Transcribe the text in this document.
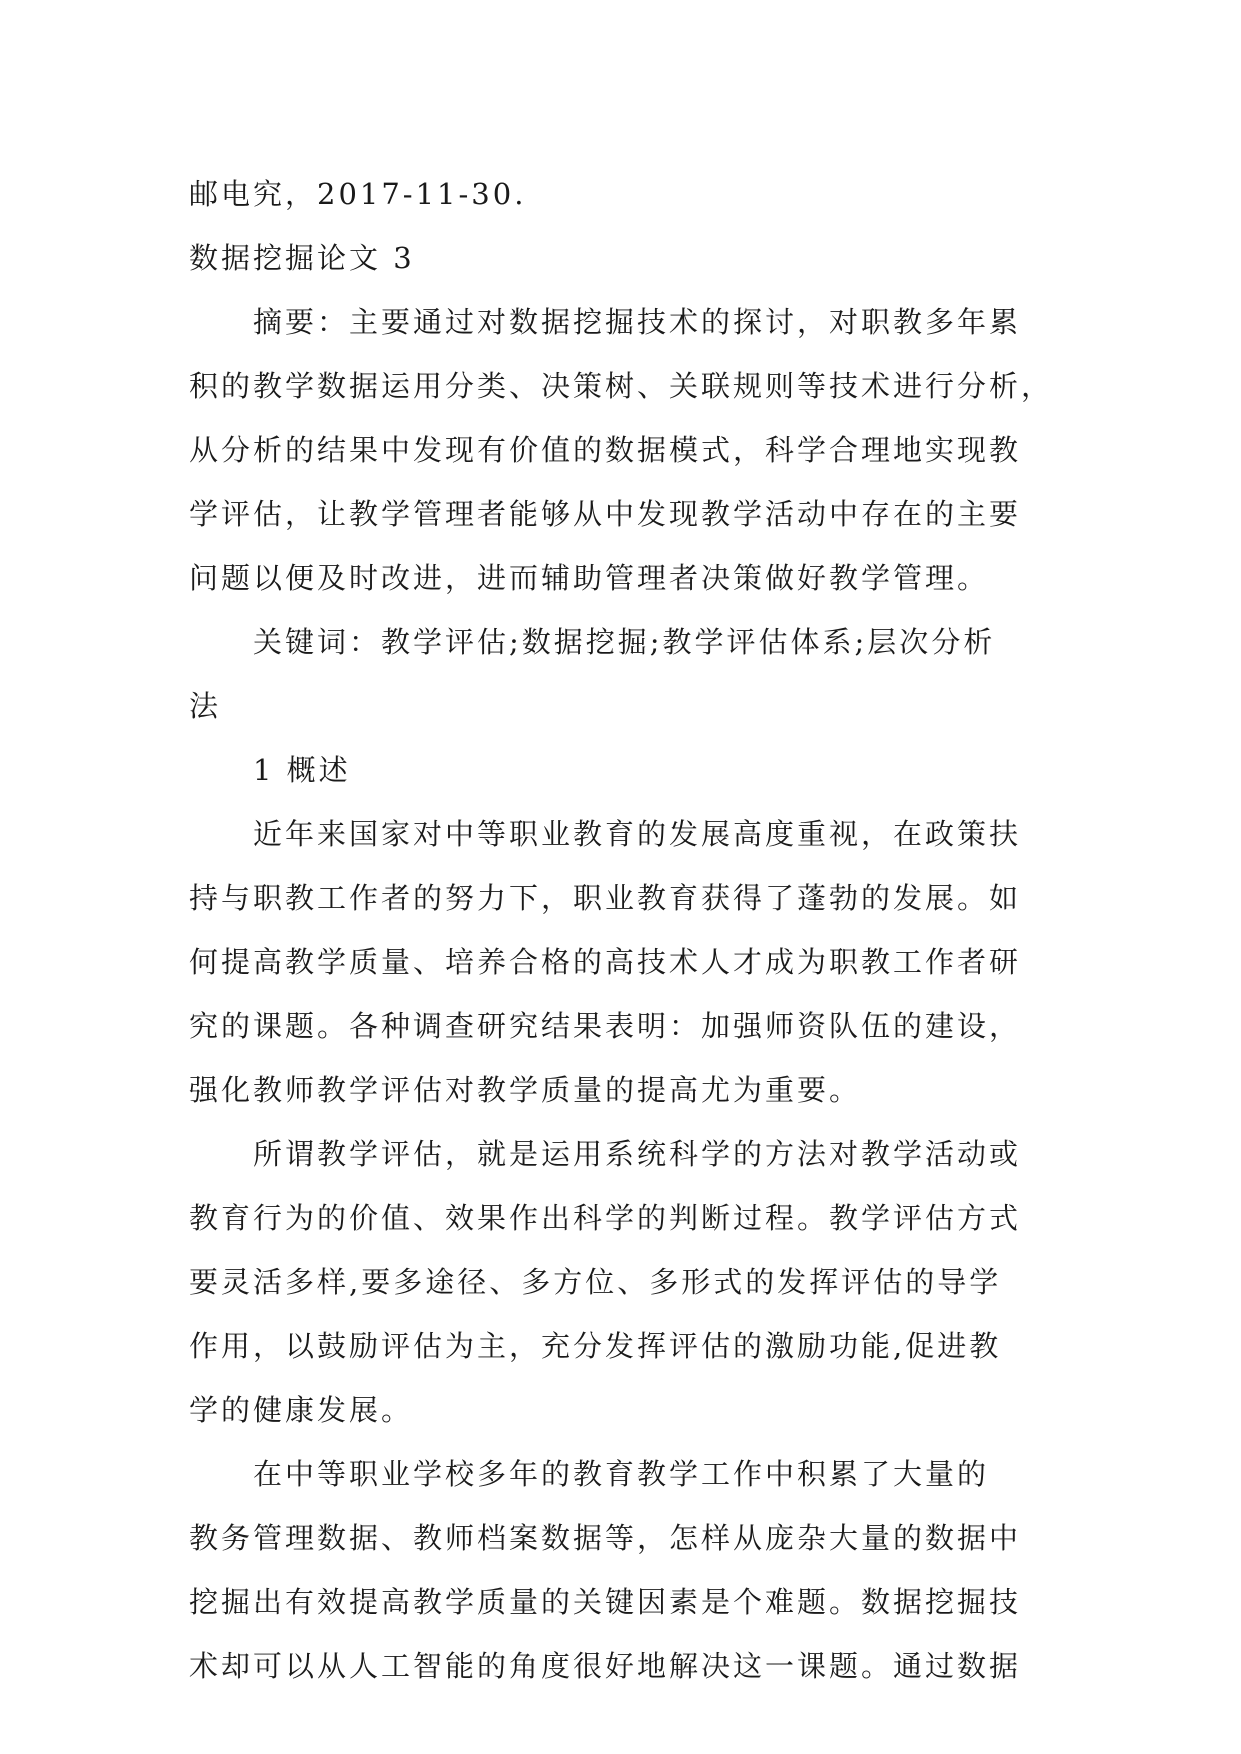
邮电究，2017-11-30.
数据挖掘论文 3
摘要：主要通过对数据挖掘技术的探讨，对职教多年累
积的教学数据运用分类、决策树、关联规则等技术进行分析，
从分析的结果中发现有价值的数据模式，科学合理地实现教
学评估，让教学管理者能够从中发现教学活动中存在的主要
问题以便及时改进，进而辅助管理者决策做好教学管理。
关键词：教学评估;数据挖掘;教学评估体系;层次分析
法
1 概述
近年来国家对中等职业教育的发展高度重视，在政策扶
持与职教工作者的努力下，职业教育获得了蓬勃的发展。如
何提高教学质量、培养合格的高技术人才成为职教工作者研
究的课题。各种调查研究结果表明：加强师资队伍的建设，
强化教师教学评估对教学质量的提高尤为重要。
所谓教学评估，就是运用系统科学的方法对教学活动或
教育行为的价值、效果作出科学的判断过程。教学评估方式
要灵活多样,要多途径、多方位、多形式的发挥评估的导学
作用，以鼓励评估为主，充分发挥评估的激励功能,促进教
学的健康发展。
在中等职业学校多年的教育教学工作中积累了大量的
教务管理数据、教师档案数据等，怎样从庞杂大量的数据中
挖掘出有效提高教学质量的关键因素是个难题。数据挖掘技
术却可以从人工智能的角度很好地解决这一课题。通过数据
